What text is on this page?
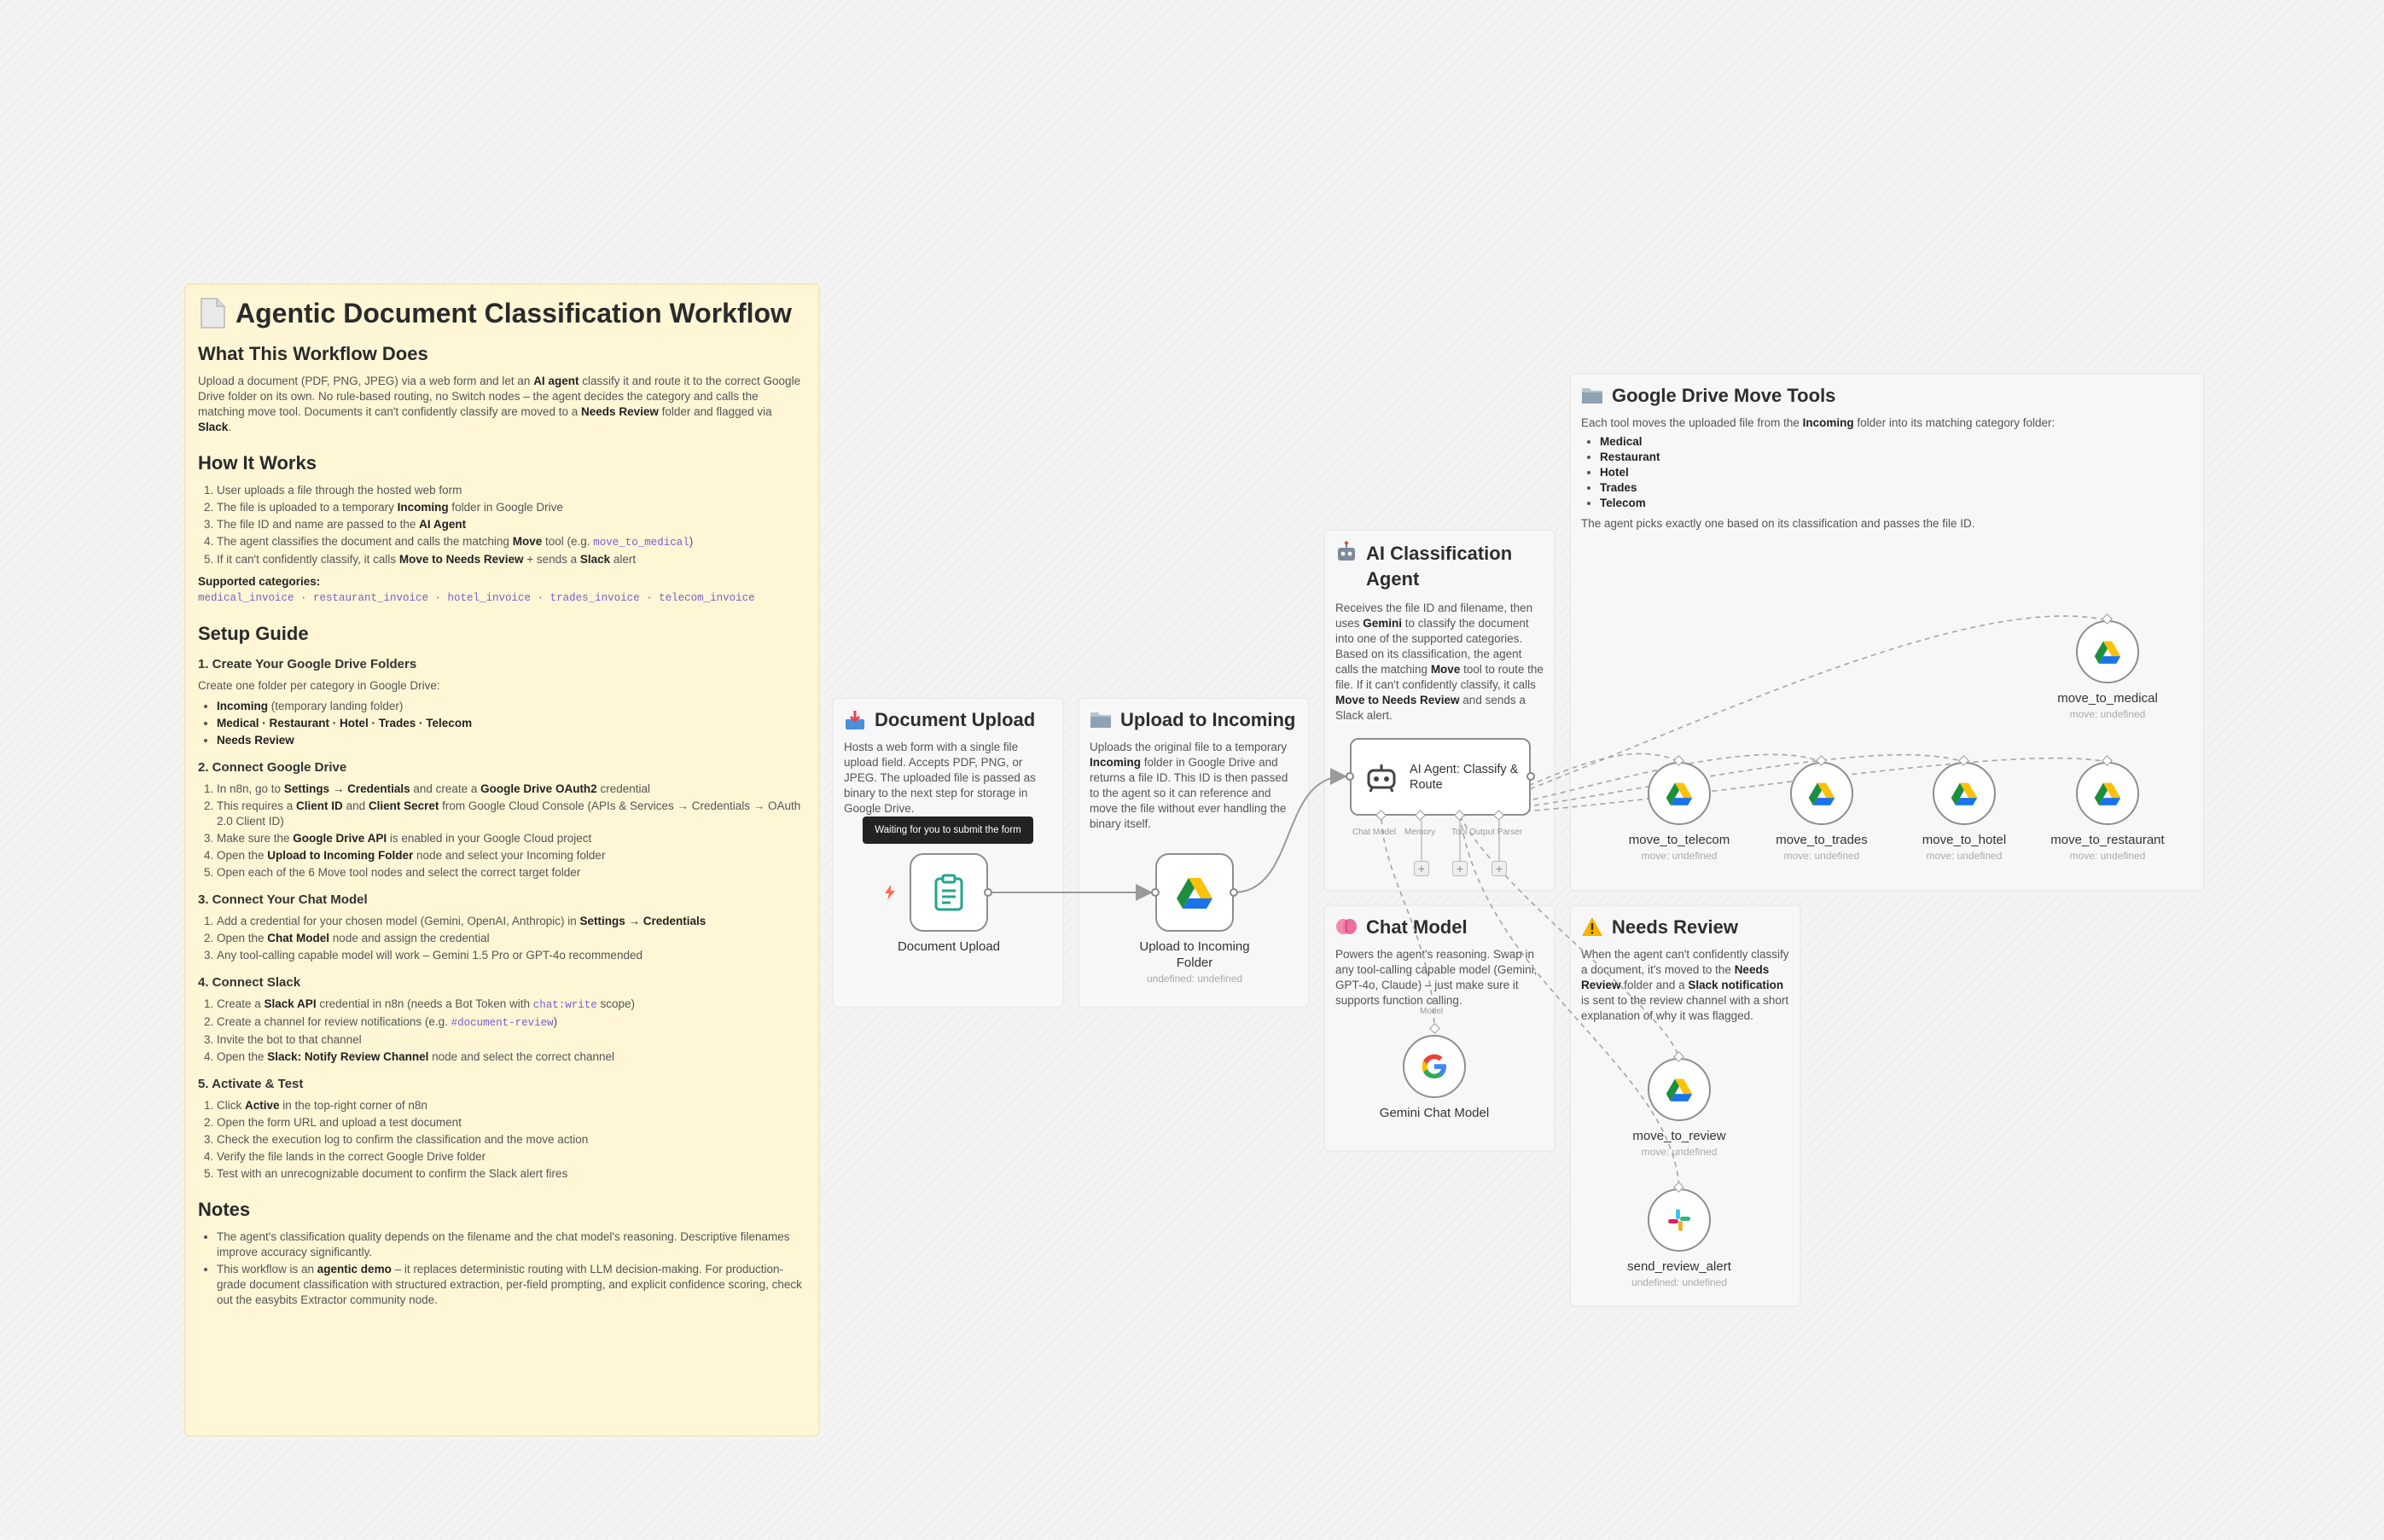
Agentic Document Classification Workflow
What This Workflow Does
Upload a document (PDF, PNG, JPEG) via a web form and let an AI agent classify it and route it to the correct Google Drive folder on its own. No rule-based routing, no Switch nodes – the agent decides the category and calls the matching move tool. Documents it can't confidently classify are moved to a Needs Review folder and flagged via Slack.
How It Works
1. User uploads a file through the hosted web form
2. The file is uploaded to a temporary Incoming folder in Google Drive
3. The file ID and name are passed to the AI Agent
4. The agent classifies the document and calls the matching Move tool (e.g. move_to_medical)
5. If it can't confidently classify, it calls Move to Needs Review + sends a Slack alert
Supported categories:
medical_invoice · restaurant_invoice · hotel_invoice · trades_invoice · telecom_invoice
Setup Guide
1. Create Your Google Drive Folders

Create one folder per category in Google Drive:

• Incoming (temporary landing folder)
• Medical · Restaurant · Hotel · Trades · Telecom
• Needs Review
2. Connect Google Drive
1. In n8n, go to Settings → Credentials and create a Google Drive OAuth2 credential
2. This requires a Client ID and Client Secret from Google Cloud Console (APIs & Services → Credentials → OAuth 2.0 Client ID)
3. Make sure the Google Drive API is enabled in your Google Cloud project
4. Open the Upload to Incoming Folder node and select your Incoming folder
5. Open each of the 6 Move tool nodes and select the correct target folder
3. Connect Your Chat Model
1. Add a credential for your chosen model (Gemini, OpenAI, Anthropic) in Settings → Credentials
2. Open the Chat Model node and assign the credential
3. Any tool-calling capable model will work – Gemini 1.5 Pro or GPT-4o recommended
4. Connect Slack
1. Create a Slack API credential in n8n (needs a Bot Token with chat:write scope)
2. Create a channel for review notifications (e.g. #document-review)
3. Invite the bot to that channel
4. Open the Slack: Notify Review Channel node and select the correct channel
5. Activate & Test
1. Click Active in the top-right corner of n8n
2. Open the form URL and upload a test document
3. Check the execution log to confirm the classification and the move action
4. Verify the file lands in the correct Google Drive folder
5. Test with an unrecognizable document to confirm the Slack alert fires
Notes
• The agent's classification quality depends on the filename and the chat model's reasoning. Descriptive filenames improve accuracy significantly.
• This workflow is an agentic demo – it replaces deterministic routing with LLM decision-making. For production-grade document classification with structured extraction, per-field prompting, and explicit confidence scoring, check out the easybits Extractor community node.
Document Upload
Hosts a web form with a single file upload field. Accepts PDF, PNG, or JPEG. The uploaded file is passed as binary to the next step for storage in Google Drive.
Upload to Incoming
Uploads the original file to a temporary Incoming folder in Google Drive and returns a file ID. This ID is then passed to the agent so it can reference and move the file without ever handling the binary itself.
AI Classification Agent
Receives the file ID and filename, then uses Gemini to classify the document into one of the supported categories. Based on its classification, the agent calls the matching Move tool to route the file. If it can't confidently classify, it calls Move to Needs Review and sends a Slack alert.
Chat Model
Powers the agent's reasoning. Swap in any tool-calling capable model (Gemini, GPT-4o, Claude) – just make sure it supports function calling.
Needs Review
When the agent can't confidently classify a document, it's moved to the Needs Review folder and a Slack notification is sent to the review channel with a short explanation of why it was flagged.
Google Drive Move Tools
Each tool moves the uploaded file from the Incoming folder into its matching category folder:
• Medical
• Restaurant
• Hotel
• Trades
• Telecom
The agent picks exactly one based on its classification and passes the file ID.
Document Upload
Waiting for you to submit the form
Upload to Incoming Folder
undefined: undefined
AI Agent: Classify & Route
Chat Model Memory Tool Output Parser
+	+	+
Gemini Chat Model
Model
move_to_medical
move: undefined
move_to_telecom
move: undefined
move_to_trades
move: undefined
move_to_hotel
move: undefined
move_to_restaurant
move: undefined
move_to_review
move: undefined
send_review_alert
undefined: undefined
